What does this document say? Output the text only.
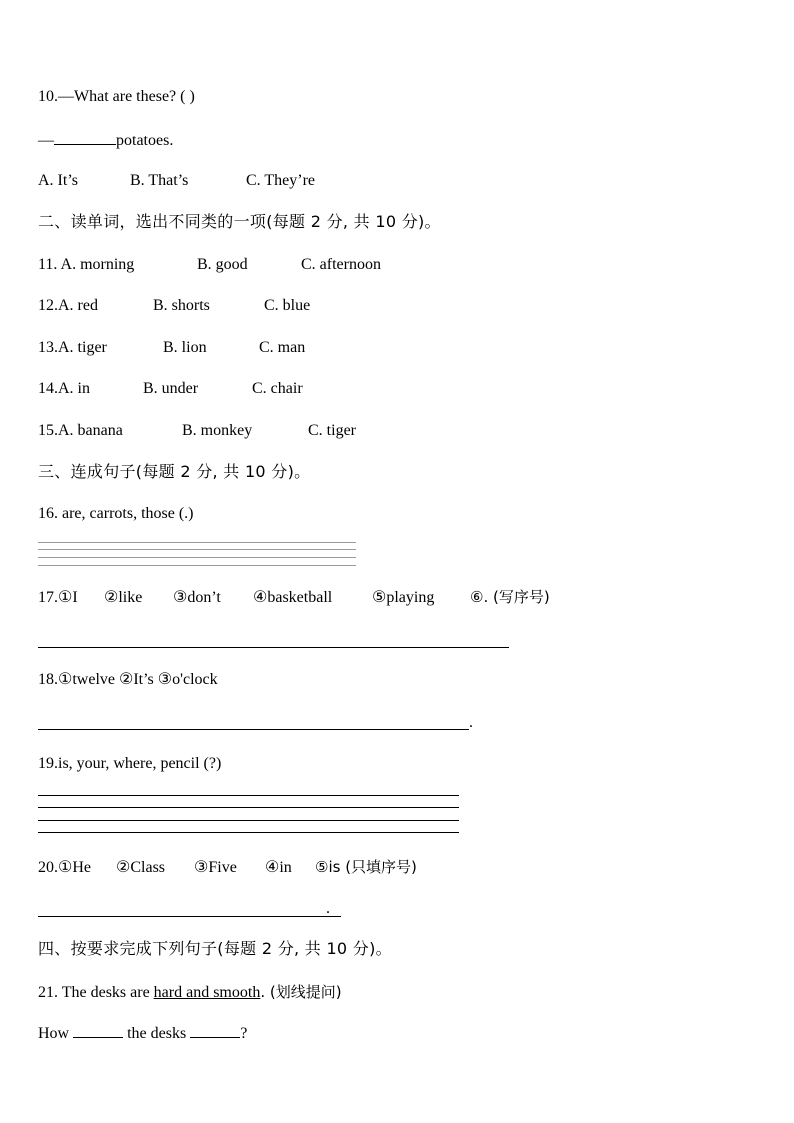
10.—What are these? ( )
—	potatoes.
A. It’s	B. That’s	C. They’re
二、读单词，选出不同类的一项(每题 2 分, 共 10 分)。
11. A. morning	B. good	C. afternoon
12.A. red	B. shorts	C. blue
13.A. tiger	B. lion	C. man
14.A. in	B. under	C. chair
15.A. banana	B. monkey	C. tiger
三、连成句子(每题 2 分, 共 10 分)。
16. are, carrots, those (.)
17.①I ②like ③don’t ④basketball ⑤playing ⑥. (写序号)
18.①twelve ②It’s ③o'clock
.
19.is, your, where, pencil (?)
20.①He ②Class ③Five ④in ⑤is (只填序号)
.
四、按要求完成下列句子(每题 2 分, 共 10 分)。
21. The desks are hard and smooth. (划线提问)
How	the desks	?
